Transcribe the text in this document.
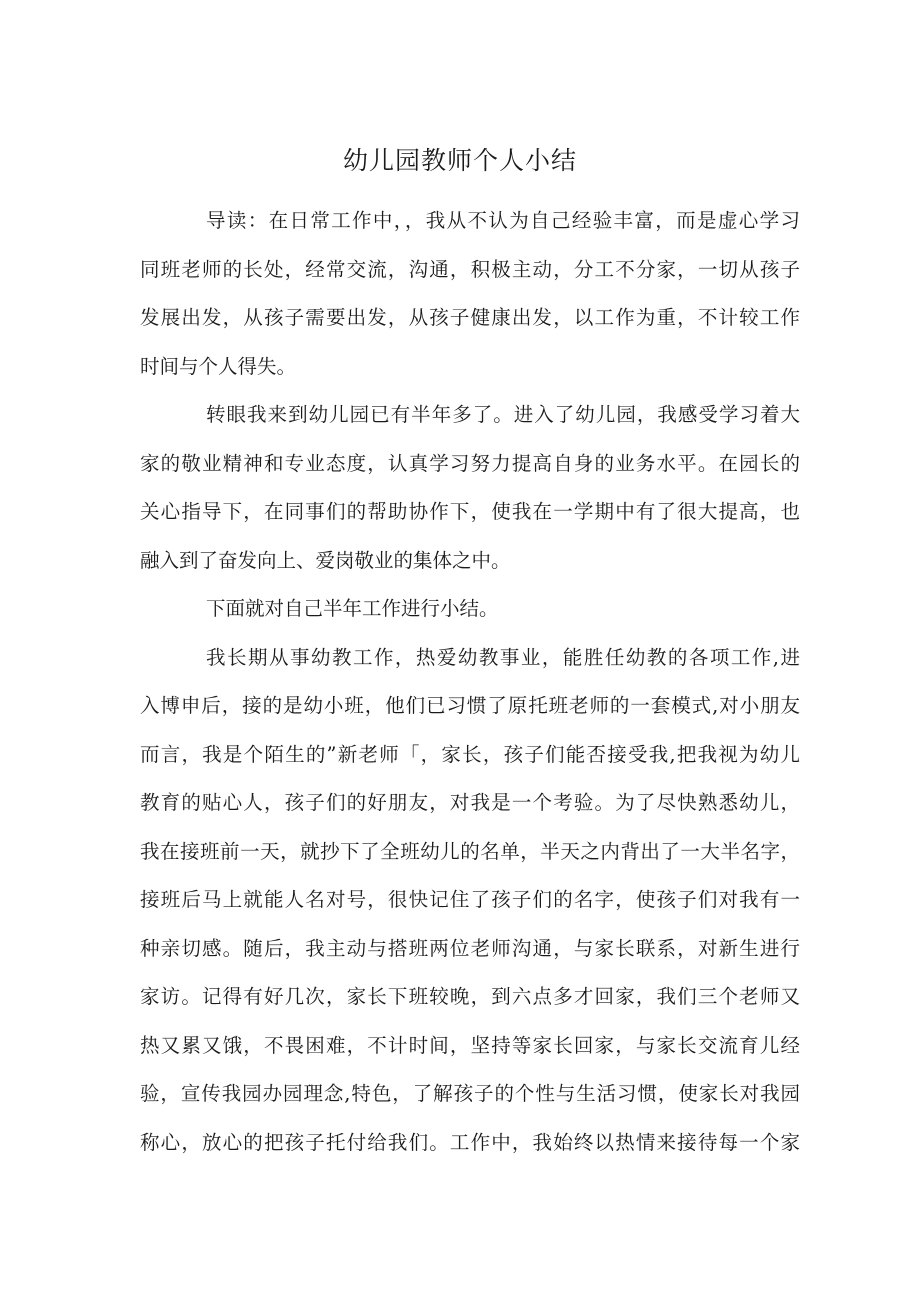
幼儿园教师个人小结
导读：在日常工作中，，我从不认为自己经验丰富，而是虚心学习
同班老师的长处，经常交流，沟通，积极主动，分工不分家，一切从孩子
发展出发，从孩子需要出发，从孩子健康出发，以工作为重，不计较工作
时间与个人得失。
转眼我来到幼儿园已有半年多了。进入了幼儿园，我感受学习着大
家的敬业精神和专业态度，认真学习努力提高自身的业务水平。在园长的
关心指导下，在同事们的帮助协作下，使我在一学期中有了很大提高，也
融入到了奋发向上、爱岗敬业的集体之中。
下面就对自己半年工作进行小结。
我长期从事幼教工作，热爱幼教事业，能胜任幼教的各项工作,进
入博申后，接的是幼小班，他们已习惯了原托班老师的一套模式,对小朋友
而言，我是个陌生的”新老师「，家长，孩子们能否接受我,把我视为幼儿
教育的贴心人，孩子们的好朋友，对我是一个考验。为了尽快熟悉幼儿，
我在接班前一天，就抄下了全班幼儿的名单，半天之内背出了一大半名字，
接班后马上就能人名对号，很快记住了孩子们的名字，使孩子们对我有一
种亲切感。随后，我主动与搭班两位老师沟通，与家长联系，对新生进行
家访。记得有好几次，家长下班较晚，到六点多才回家，我们三个老师又
热又累又饿，不畏困难，不计时间，坚持等家长回家，与家长交流育儿经
验，宣传我园办园理念,特色，了解孩子的个性与生活习惯，使家长对我园
称心，放心的把孩子托付给我们。工作中，我始终以热情来接待每一个家
